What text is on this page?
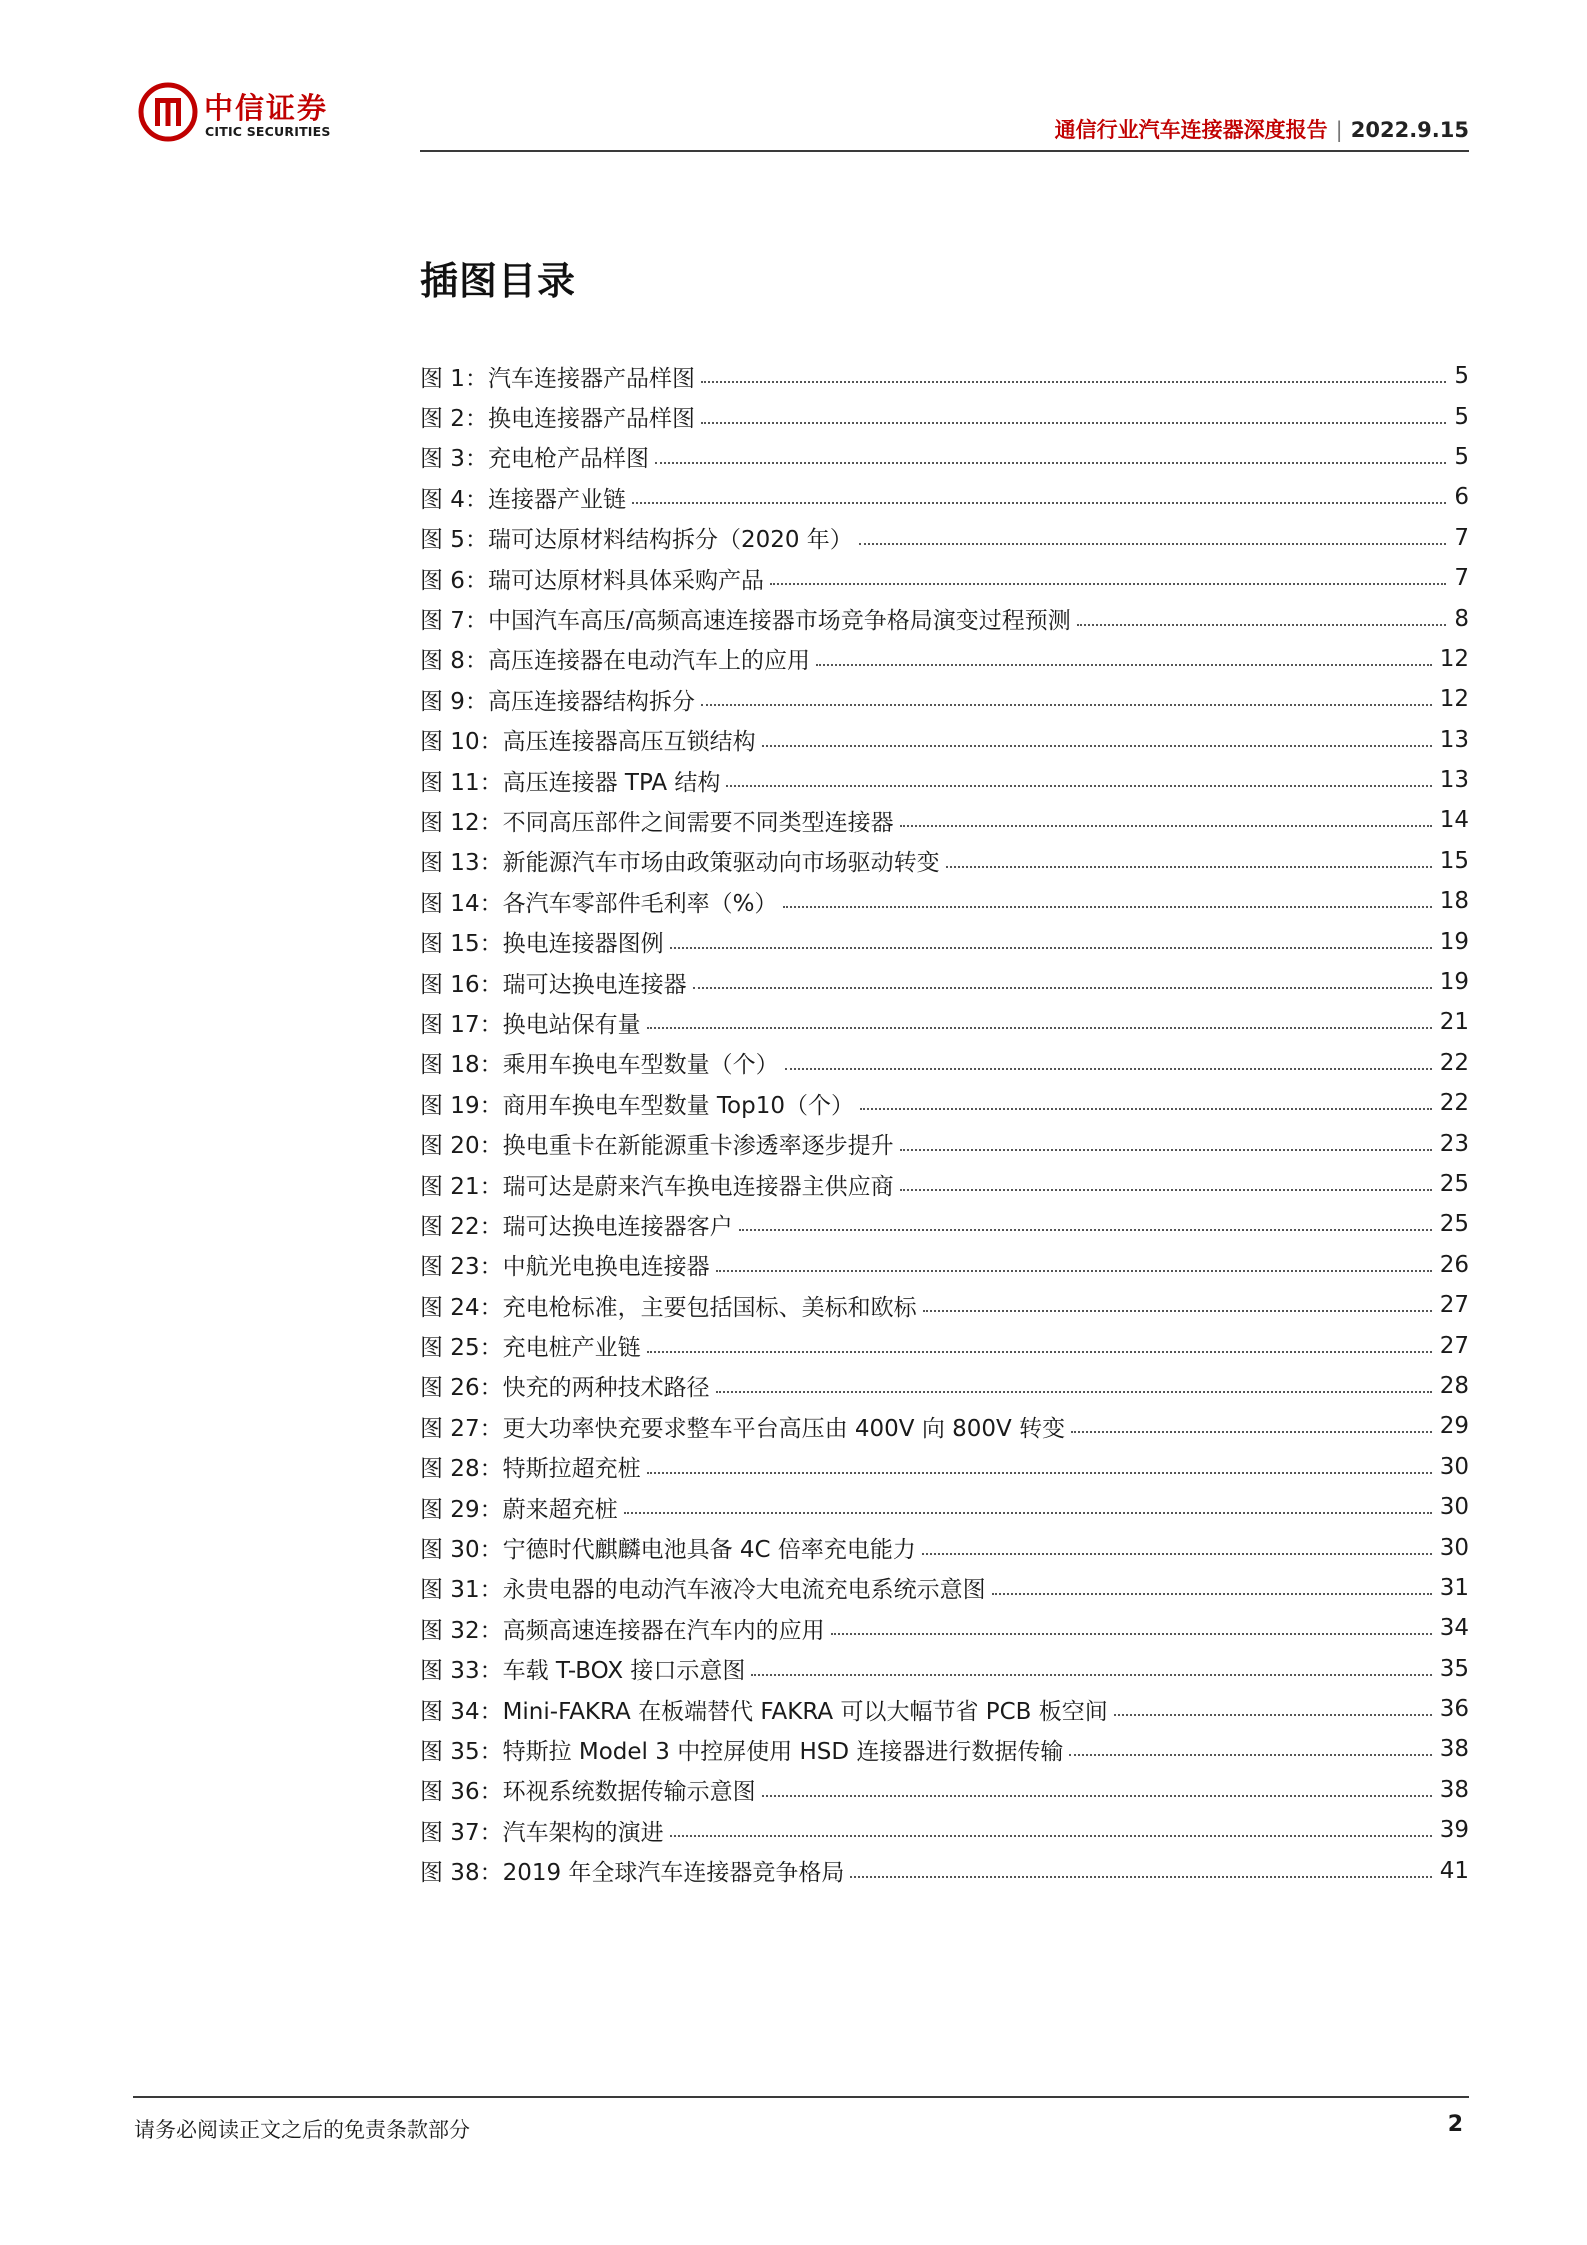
中信证券
CITIC SECURITIES	通信行业汽车连接器深度报告 | 2022.9.15
插图目录
图 1：汽车连接器产品样图	5
图 2：换电连接器产品样图	5
图 3：充电枪产品样图	5
图 4：连接器产业链	6
图 5：瑞可达原材料结构拆分（2020 年）	7
图 6：瑞可达原材料具体采购产品	7
图 7：中国汽车高压/高频高速连接器市场竞争格局演变过程预测	8
图 8：高压连接器在电动汽车上的应用	12
图 9：高压连接器结构拆分	12
图 10：高压连接器高压互锁结构	13
图 11：高压连接器 TPA 结构	13
图 12：不同高压部件之间需要不同类型连接器	14
图 13：新能源汽车市场由政策驱动向市场驱动转变	15
图 14：各汽车零部件毛利率（%）	18
图 15：换电连接器图例	19
图 16：瑞可达换电连接器	19
图 17：换电站保有量	21
图 18：乘用车换电车型数量（个）	22
图 19：商用车换电车型数量 Top10（个）	22
图 20：换电重卡在新能源重卡渗透率逐步提升	23
图 21：瑞可达是蔚来汽车换电连接器主供应商	25
图 22：瑞可达换电连接器客户	25
图 23：中航光电换电连接器	26
图 24：充电枪标准，主要包括国标、美标和欧标	27
图 25：充电桩产业链	27
图 26：快充的两种技术路径	28
图 27：更大功率快充要求整车平台高压由 400V 向 800V 转变	29
图 28：特斯拉超充桩	30
图 29：蔚来超充桩	30
图 30：宁德时代麒麟电池具备 4C 倍率充电能力	30
图 31：永贵电器的电动汽车液冷大电流充电系统示意图	31
图 32：高频高速连接器在汽车内的应用	34
图 33：车载 T-BOX 接口示意图	35
图 34：Mini-FAKRA 在板端替代 FAKRA 可以大幅节省 PCB 板空间	36
图 35：特斯拉 Model 3 中控屏使用 HSD 连接器进行数据传输	38
图 36：环视系统数据传输示意图	38
图 37：汽车架构的演进	39
图 38：2019 年全球汽车连接器竞争格局	41
请务必阅读正文之后的免责条款部分	2
